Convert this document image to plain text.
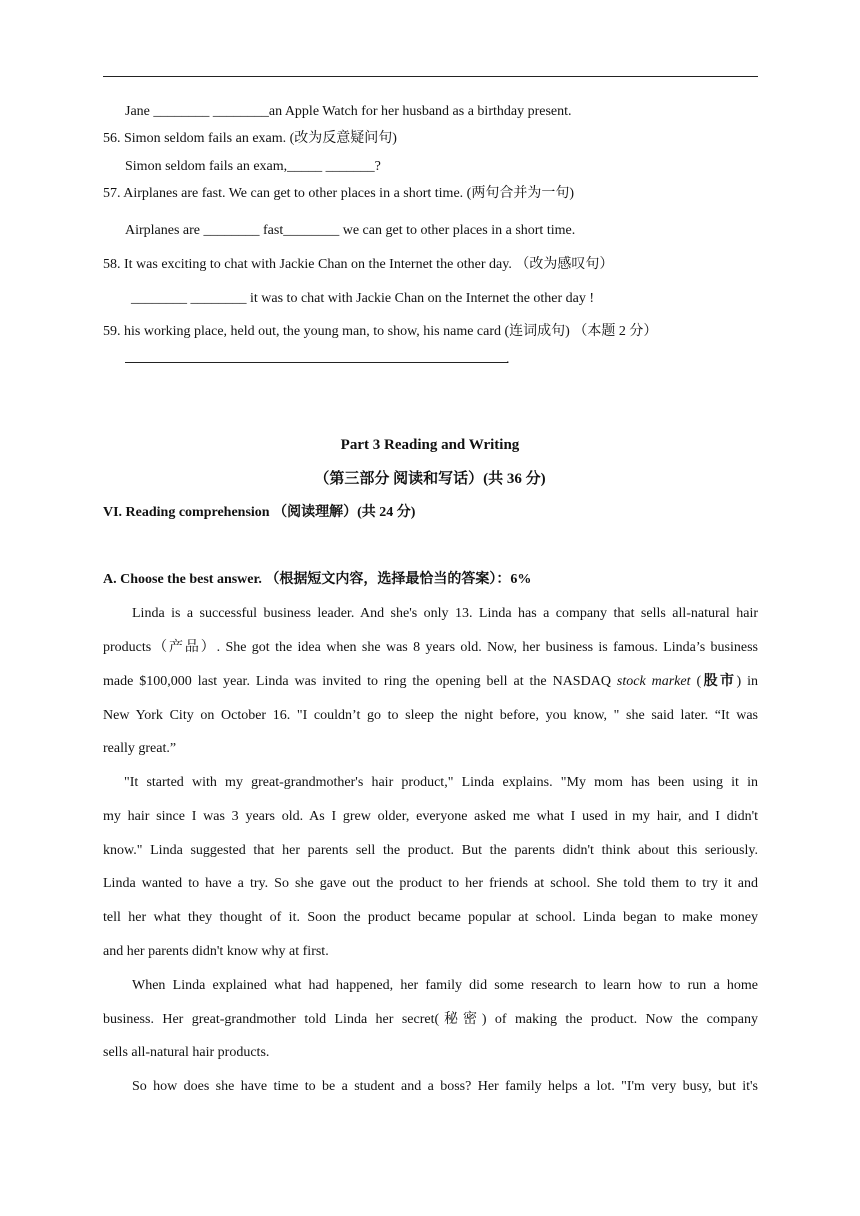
Jane ________ ________an Apple Watch for her husband as a birthday present.
56. Simon seldom fails an exam. (改为反意疑问句)
Simon seldom fails an exam,_____ _______?
57. Airplanes are fast. We can get to other places in a short time. (两句合并为一句)
Airplanes are ________ fast________ we can get to other places in a short time.
58. It was exciting to chat with Jackie Chan on the Internet the other day. （改为感叹句）
________ ________ it was to chat with Jackie Chan on the Internet the other day !
59. his working place, held out, the young man, to show, his name card (连词成句) （本题 2 分）
.
Part 3 Reading and Writing
（第三部分 阅读和写话）(共 36 分)
VI. Reading comprehension （阅读理解）(共 24 分)
A. Choose the best answer. （根据短文内容，选择最恰当的答案）：6%
Linda is a successful business leader. And she's only 13. Linda has a company that sells all-natural hair
products（产品）. She got the idea when she was 8 years old. Now, her business is famous. Linda’s business
made $100,000 last year. Linda was invited to ring the opening bell at the NASDAQ stock market (股市) in
New York City on October 16. "I couldn’t go to sleep the night before, you know, " she said later. “It was
really great.”
"It started with my great-grandmother's hair product," Linda explains. "My mom has been using it in
my hair since I was 3 years old. As I grew older, everyone asked me what I used in my hair, and I didn't
know." Linda suggested that her parents sell the product. But the parents didn't think about this seriously.
Linda wanted to have a try. So she gave out the product to her friends at school. She told them to try it and
tell her what they thought of it. Soon the product became popular at school. Linda began to make money
and her parents didn't know why at first.
When Linda explained what had happened, her family did some research to learn how to run a home
business. Her great-grandmother told Linda her secret(秘密) of making the product. Now the company
sells all-natural hair products.
So how does she have time to be a student and a boss? Her family helps a lot. "I'm very busy, but it's
